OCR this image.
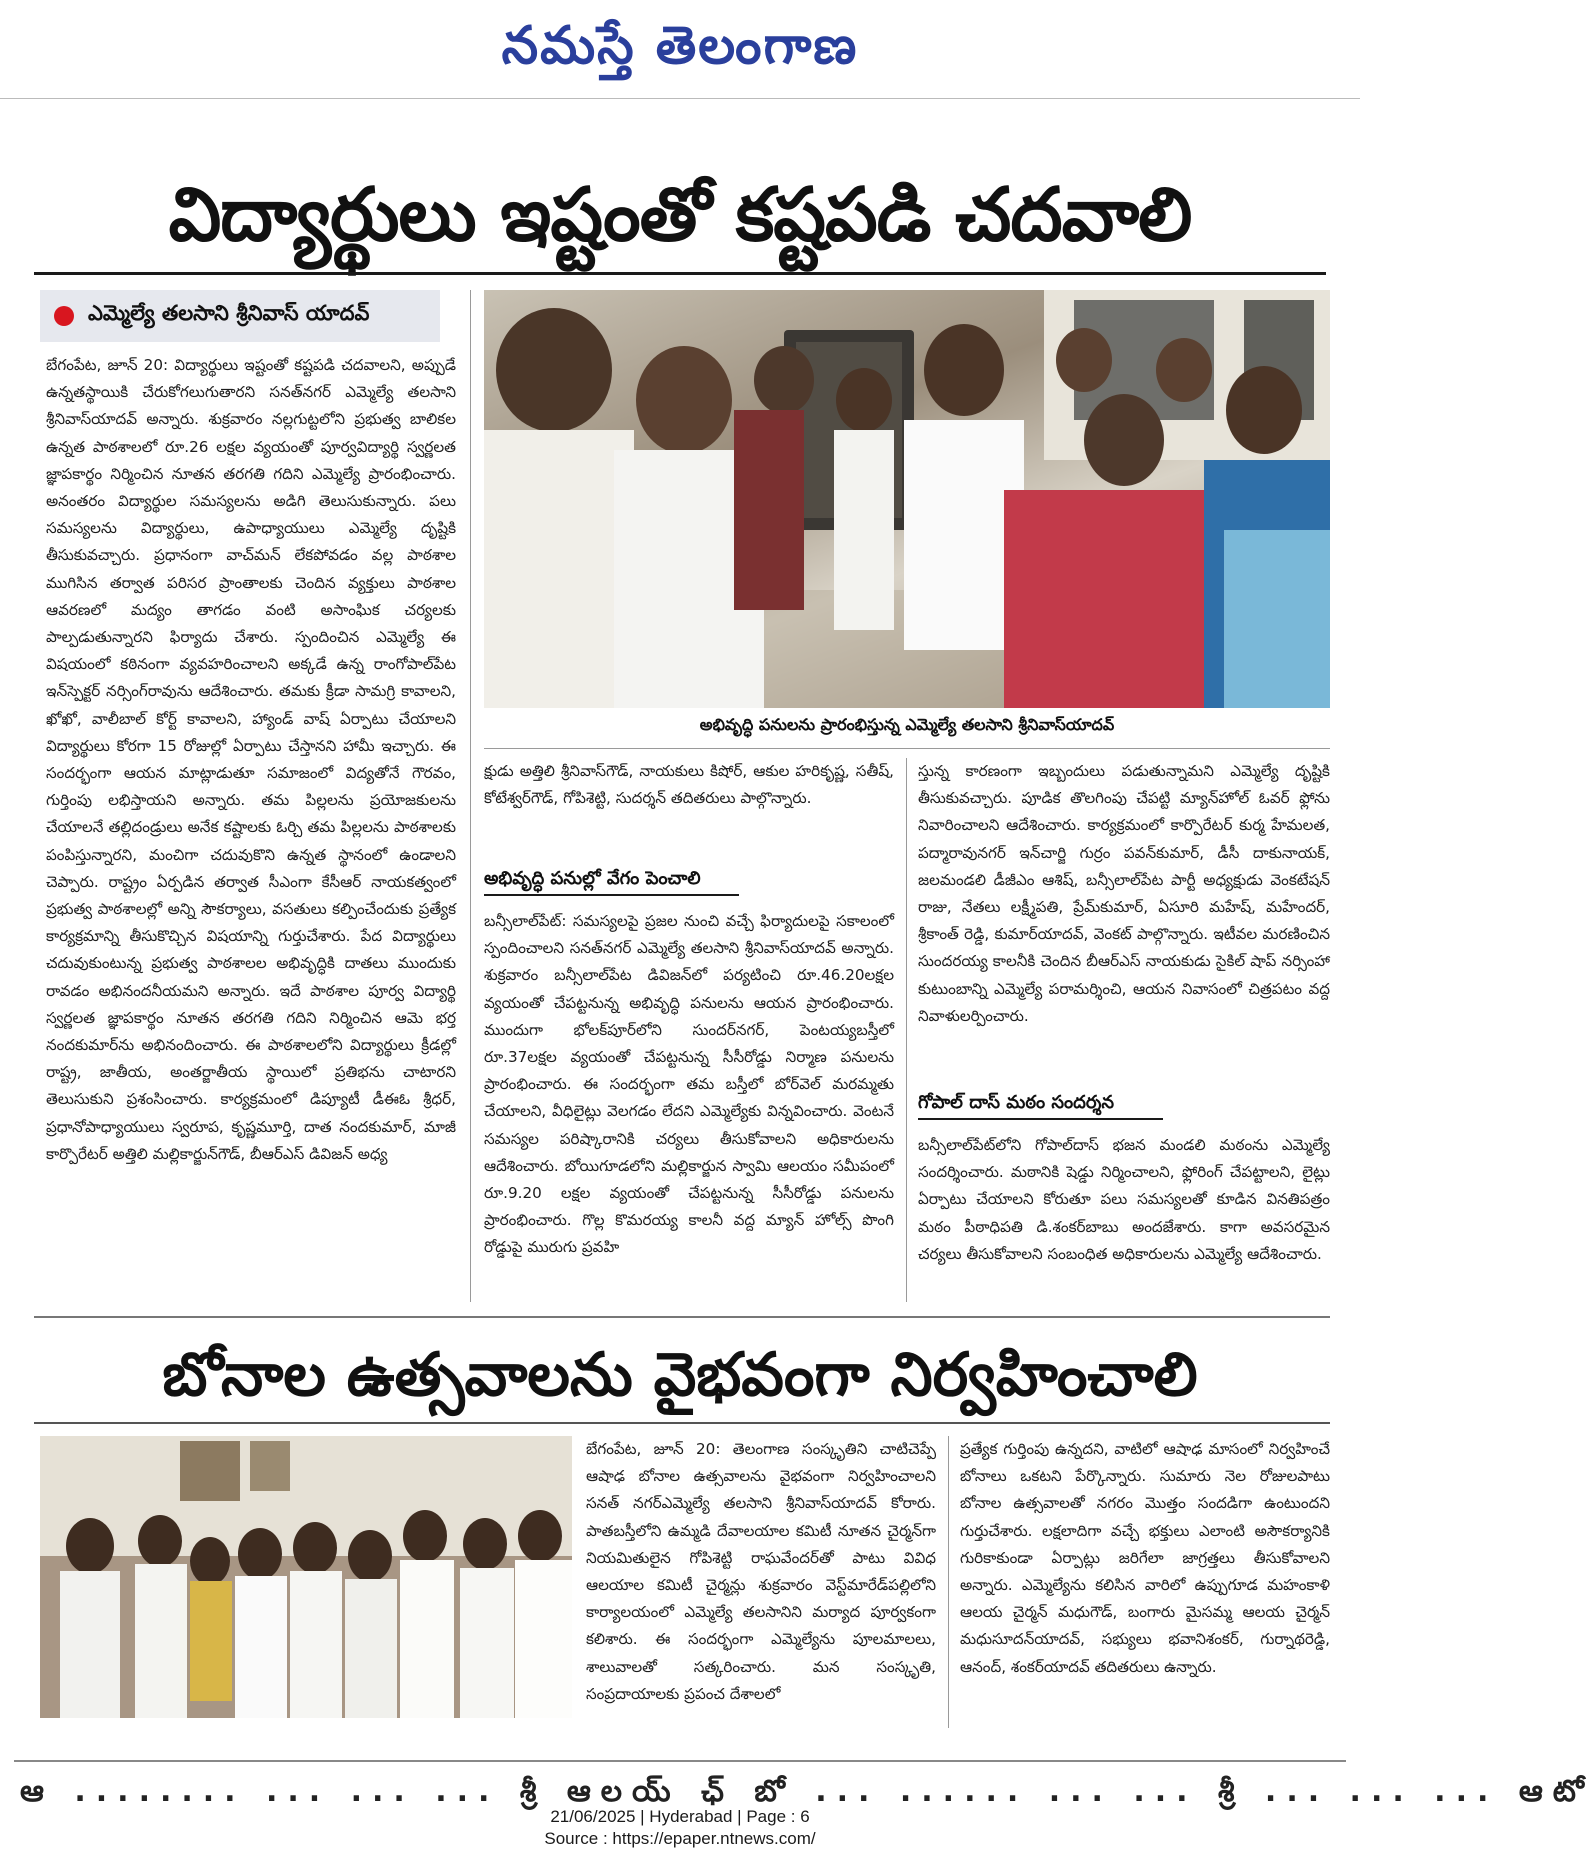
నమస్తే తెలంగాణ
విద్యార్థులు ఇష్టంతో కష్టపడి చదవాలి
ఎమ్మెల్యే తలసాని శ్రీనివాస్ యాదవ్
బేగంపేట, జూన్ 20: విద్యార్థులు ఇష్టంతో కష్టపడి చదవాలని, అప్పుడే ఉన్నతస్థాయికి చేరుకోగలుగుతారని సనత్‌నగర్ ఎమ్మెల్యే తలసాని శ్రీనివాస్‌యాదవ్ అన్నారు. శుక్రవారం నల్లగుట్టలోని ప్రభుత్వ బాలికల ఉన్నత పాఠశాలలో రూ.26 లక్షల వ్యయంతో పూర్వవిద్యార్థి స్వర్ణలత జ్ఞాపకార్థం నిర్మించిన నూతన తరగతి గదిని ఎమ్మెల్యే ప్రారంభించారు. అనంతరం విద్యార్థుల సమస్యలను అడిగి తెలుసుకున్నారు. పలు సమస్యలను విద్యార్థులు, ఉపాధ్యాయులు ఎమ్మెల్యే దృష్టికి తీసుకువచ్చారు. ప్రధానంగా వాచ్‌మన్ లేకపోవడం వల్ల పాఠశాల ముగిసిన తర్వాత పరిసర ప్రాంతాలకు చెందిన వ్యక్తులు పాఠశాల ఆవరణలో మద్యం తాగడం వంటి అసాంఘిక చర్యలకు పాల్పడుతున్నారని ఫిర్యాదు చేశారు. స్పందించిన ఎమ్మెల్యే ఈ విషయంలో కఠినంగా వ్యవహరించాలని అక్కడే ఉన్న రాంగోపాల్‌పేట ఇన్‌స్పెక్టర్ నర్సింగ్‌రావును ఆదేశించారు. తమకు క్రీడా సామగ్రి కావాలని, ఖోఖో, వాలీబాల్ కోర్ట్ కావాలని, హ్యాండ్ వాష్ ఏర్పాటు చేయాలని విద్యార్థులు కోరగా 15 రోజుల్లో ఏర్పాటు చేస్తానని హామీ ఇచ్చారు. ఈ సందర్భంగా ఆయన మాట్లాడుతూ సమాజంలో విద్యతోనే గౌరవం, గుర్తింపు లభిస్తాయని అన్నారు. తమ పిల్లలను ప్రయోజకులను చేయాలనే తల్లిదండ్రులు అనేక కష్టాలకు ఓర్చి తమ పిల్లలను పాఠశాలకు పంపిస్తున్నారని, మంచిగా చదువుకొని ఉన్నత స్థానంలో ఉండాలని చెప్పారు. రాష్ట్రం ఏర్పడిన తర్వాత సీఎంగా కేసీఆర్ నాయకత్వంలో ప్రభుత్వ పాఠశాలల్లో అన్ని సౌకర్యాలు, వసతులు కల్పించేందుకు ప్రత్యేక కార్యక్రమాన్ని తీసుకొచ్చిన విషయాన్ని గుర్తుచేశారు. పేద విద్యార్థులు చదువుకుంటున్న ప్రభుత్వ పాఠశాలల అభివృద్ధికి దాతలు ముందుకు రావడం అభినందనీయమని అన్నారు. ఇదే పాఠశాల పూర్వ విద్యార్థి స్వర్ణలత జ్ఞాపకార్థం నూతన తరగతి గదిని నిర్మించిన ఆమె భర్త నందకుమార్‌ను అభినందించారు. ఈ పాఠశాలలోని విద్యార్థులు క్రీడల్లో రాష్ట్ర, జాతీయ, అంతర్జాతీయ స్థాయిలో ప్రతిభను చాటారని తెలుసుకుని ప్రశంసించారు. కార్యక్రమంలో డిప్యూటీ డీఈఓ శ్రీధర్, ప్రధానోపాధ్యాయులు స్వరూప, కృష్ణమూర్తి, దాత నందకుమార్, మాజీ కార్పొరేటర్ అత్తిలి మల్లికార్జున్‌గౌడ్, బీఆర్ఎస్ డివిజన్ అధ్య
అభివృద్ధి పనులను ప్రారంభిస్తున్న ఎమ్మెల్యే తలసాని శ్రీనివాస్‌యాదవ్
క్షుడు అత్తిలి శ్రీనివాస్‌గౌడ్, నాయకులు కిషోర్, ఆకుల హరికృష్ణ, సతీష్, కోటేశ్వర్‌గౌడ్, గోపిశెట్టి, సుదర్శన్ తదితరులు పాల్గొన్నారు.
అభివృద్ధి పనుల్లో వేగం పెంచాలి
బన్సీలాల్‌పేట్: సమస్యలపై ప్రజల నుంచి వచ్చే ఫిర్యాదులపై సకాలంలో స్పందించాలని సనత్‌నగర్ ఎమ్మెల్యే తలసాని శ్రీనివాస్‌యాదవ్ అన్నారు. శుక్రవారం బన్సీలాల్‌పేట డివిజన్‌లో పర్యటించి రూ.46.20లక్షల వ్యయంతో చేపట్టనున్న అభివృద్ధి పనులను ఆయన ప్రారంభించారు. ముందుగా భోలక్‌పూర్‌లోని సుందర్‌నగర్, పెంటయ్యబస్తీలో రూ.37లక్షల వ్యయంతో చేపట్టనున్న సీసీరోడ్డు నిర్మాణ పనులను ప్రారంభించారు. ఈ సందర్భంగా తమ బస్తీలో బోర్‌వెల్ మరమ్మతు చేయాలని, వీధిలైట్లు వెలగడం లేదని ఎమ్మెల్యేకు విన్నవించారు. వెంటనే సమస్యల పరిష్కారానికి చర్యలు తీసుకోవాలని అధికారులను ఆదేశించారు. బోయిగూడలోని మల్లికార్జున స్వామి ఆలయం సమీపంలో రూ.9.20 లక్షల వ్యయంతో చేపట్టనున్న సీసీరోడ్డు పనులను ప్రారంభించారు. గొల్ల కొమరయ్య కాలనీ వద్ద మ్యాన్ హోల్స్ పొంగి రోడ్డుపై మురుగు ప్రవహి
స్తున్న కారణంగా ఇబ్బందులు పడుతున్నామని ఎమ్మెల్యే దృష్టికి తీసుకువచ్చారు. పూడిక తొలగింపు చేపట్టి మ్యాన్‌హోల్ ఓవర్ ఫ్లోను నివారించాలని ఆదేశించారు. కార్యక్రమంలో కార్పొరేటర్ కుర్మ హేమలత, పద్మారావునగర్ ఇన్‌చార్జి గుర్రం పవన్‌కుమార్, డీసీ దాకునాయక్, జలమండలి డీజీఎం ఆశిష్, బన్సీలాల్‌పేట పార్టీ అధ్యక్షుడు వెంకటేషన్ రాజు, నేతలు లక్ష్మీపతి, ప్రేమ్‌కుమార్, ఏసూరి మహేష్, మహేందర్, శ్రీకాంత్ రెడ్డి, కుమార్‌యాదవ్, వెంకట్ పాల్గొన్నారు. ఇటీవల మరణించిన సుందరయ్య కాలనీకి చెందిన బీఆర్ఎస్ నాయకుడు సైకిల్ షాప్ నర్సింహా కుటుంబాన్ని ఎమ్మెల్యే పరామర్శించి, ఆయన నివాసంలో చిత్రపటం వద్ద నివాళులర్పించారు.
గోపాల్ దాస్ మఠం సందర్శన
బన్సీలాల్‌పేట్‌లోని గోపాల్‌దాస్ భజన మండలి మఠంను ఎమ్మెల్యే సందర్శించారు. మఠానికి షెడ్డు నిర్మించాలని, ఫ్లోరింగ్ చేపట్టాలని, లైట్లు ఏర్పాటు చేయాలని కోరుతూ పలు సమస్యలతో కూడిన వినతిపత్రం మఠం పీఠాధిపతి డి.శంకర్‌బాబు అందజేశారు. కాగా అవసరమైన చర్యలు తీసుకోవాలని సంబంధిత అధికారులను ఎమ్మెల్యే ఆదేశించారు.
బోనాల ఉత్సవాలను వైభవంగా నిర్వహించాలి
బేగంపేట, జూన్ 20: తెలంగాణ సంస్కృతిని చాటిచెప్పే ఆషాఢ బోనాల ఉత్సవాలను వైభవంగా నిర్వహించాలని సనత్ నగర్ఎమ్మెల్యే తలసాని శ్రీనివాస్‌యాదవ్ కోరారు. పాతబస్తీలోని ఉమ్మడి దేవాలయాల కమిటీ నూతన చైర్మన్‌గా నియమితులైన గోపిశెట్టి రాఘవేందర్‌తో పాటు వివిధ ఆలయాల కమిటీ చైర్మన్లు శుక్రవారం వెస్ట్‌మారేడ్‌పల్లిలోని కార్యాలయంలో ఎమ్మెల్యే తలసానిని మర్యాద పూర్వకంగా కలిశారు. ఈ సందర్భంగా ఎమ్మెల్యేను పూలమాలలు, శాలువాలతో సత్కరించారు. మన సంస్కృతి, సంప్రదాయాలకు ప్రపంచ దేశాలలో
ప్రత్యేక గుర్తింపు ఉన్నదని, వాటిలో ఆషాఢ మాసంలో నిర్వహించే బోనాలు ఒకటని పేర్కొన్నారు. సుమారు నెల రోజులపాటు బోనాల ఉత్సవాలతో నగరం మొత్తం సందడిగా ఉంటుందని గుర్తుచేశారు. లక్షలాదిగా వచ్చే భక్తులు ఎలాంటి అసౌకర్యానికి గురికాకుండా ఏర్పాట్లు జరిగేలా జాగ్రత్తలు తీసుకోవాలని అన్నారు. ఎమ్మెల్యేను కలిసిన వారిలో ఉప్పుగూడ మహంకాళి ఆలయ చైర్మన్ మధుగౌడ్, బంగారు మైసమ్మ ఆలయ చైర్మన్ మధుసూదన్‌యాదవ్, సభ్యులు భవానిశంకర్, గుర్నాథరెడ్డి, ఆనంద్, శంకర్‌యాదవ్ తదితరులు ఉన్నారు.
ఆ ........ ... ... ... శ్రీ ఆలయ్ ఛ్ బో ... ...... ... ... శ్రీ ... ... ... ఆటో
21/06/2025 | Hyderabad | Page : 6
Source : https://epaper.ntnews.com/
